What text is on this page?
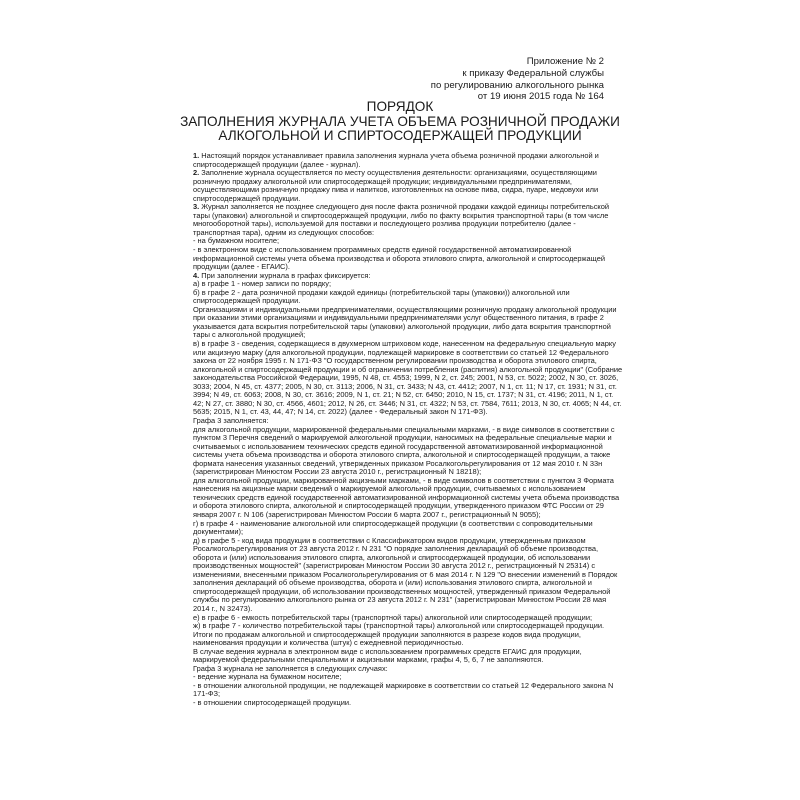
Приложение № 2
к приказу Федеральной службы
по регулированию алкогольного рынка
от 19 июня 2015 года № 164
ПОРЯДОК
ЗАПОЛНЕНИЯ ЖУРНАЛА УЧЕТА ОБЪЕМА РОЗНИЧНОЙ ПРОДАЖИ
АЛКОГОЛЬНОЙ И СПИРТОСОДЕРЖАЩЕЙ ПРОДУКЦИИ

1. Настоящий порядок устанавливает правила заполнения журнала учета объема розничной продажи алкогольной и спиртосодержащей продукции (далее - журнал).

2. Заполнение журнала осуществляется по месту осуществления деятельности: организациями, осуществляющими розничную продажу алкогольной или спиртосодержащей продукции; индивидуальными предпринимателями, осуществляющими розничную продажу пива и напитков, изготовленных на основе пива, сидра, пуаре, медовухи или спиртосодержащей продукции.

3. Журнал заполняется не позднее следующего дня после факта розничной продажи каждой единицы потребительской тары (упаковки) алкогольной и спиртосодержащей продукции, либо по факту вскрытия транспортной тары (в том числе многооборотной тары), используемой для поставки и последующего розлива продукции потребителю (далее - транспортная тара), одним из следующих способов:

- на бумажном носителе;

- в электронном виде с использованием программных средств единой государственной автоматизированной информационной системы учета объема производства и оборота этилового спирта, алкогольной и спиртосодержащей продукции (далее - ЕГАИС).

4. При заполнении журнала в графах фиксируется:

а) в графе 1 - номер записи по порядку;

б) в графе 2 - дата розничной продажи каждой единицы (потребительской тары (упаковки)) алкогольной или спиртосодержащей продукции.

Организациями и индивидуальными предпринимателями, осуществляющими розничную продажу алкогольной продукции при оказании этими организациями и индивидуальными предпринимателями услуг общественного питания, в графе 2 указывается дата вскрытия потребительской тары (упаковки) алкогольной продукции, либо дата вскрытия транспортной тары с алкогольной продукцией;

в) в графе 3 - сведения, содержащиеся в двухмерном штриховом коде, нанесенном на федеральную специальную марку или акцизную марку (для алкогольной продукции, подлежащей маркировке в соответствии со статьей 12 Федерального закона от 22 ноября 1995 г. N 171-ФЗ "О государственном регулировании производства и оборота этилового спирта, алкогольной и спиртосодержащей продукции и об ограничении потребления (распития) алкогольной продукции" (Собрание законодательства Российской Федерации, 1995, N 48, ст. 4553; 1999, N 2, ст. 245; 2001, N 53, ст. 5022; 2002, N 30, ст. 3026, 3033; 2004, N 45, ст. 4377; 2005, N 30, ст. 3113; 2006, N 31, ст. 3433; N 43, ст. 4412; 2007, N 1, ст. 11; N 17, ст. 1931; N 31, ст. 3994; N 49, ст. 6063; 2008, N 30, ст. 3616; 2009, N 1, ст. 21; N 52, ст. 6450; 2010, N 15, ст. 1737; N 31, ст. 4196; 2011, N 1, ст. 42; N 27, ст. 3880; N 30, ст. 4566, 4601; 2012, N 26, ст. 3446; N 31, ст. 4322; N 53, ст. 7584, 7611; 2013, N 30, ст. 4065; N 44, ст. 5635; 2015, N 1, ст. 43, 44, 47; N 14, ст. 2022) (далее - Федеральный закон N 171-ФЗ).

Графа 3 заполняется:

для алкогольной продукции, маркированной федеральными специальными марками, - в виде символов в соответствии с пунктом 3 Перечня сведений о маркируемой алкогольной продукции, наносимых на федеральные специальные марки и считываемых с использованием технических средств единой государственной автоматизированной информационной системы учета объема производства и оборота этилового спирта, алкогольной и спиртосодержащей продукции, а также формата нанесения указанных сведений, утвержденных приказом Росалкогольрегулирования от 12 мая 2010 г. N 33н (зарегистрирован Минюстом России 23 августа 2010 г., регистрационный N 18218);

для алкогольной продукции, маркированной акцизными марками, - в виде символов в соответствии с пунктом 3 Формата нанесения на акцизные марки сведений о маркируемой алкогольной продукции, считываемых с использованием технических средств единой государственной автоматизированной информационной системы учета объема производства и оборота этилового спирта, алкогольной и спиртосодержащей продукции, утвержденного приказом ФТС России от 29 января 2007 г. N 106 (зарегистрирован Минюстом России 6 марта 2007 г., регистрационный N 9055);

г) в графе 4 - наименование алкогольной или спиртосодержащей продукции (в соответствии с сопроводительными документами);

д) в графе 5 - код вида продукции в соответствии с Классификатором видов продукции, утвержденным приказом Росалкогольрегулирования от 23 августа 2012 г. N 231 "О порядке заполнения деклараций об объеме производства, оборота и (или) использования этилового спирта, алкогольной и спиртосодержащей продукции, об использовании производственных мощностей" (зарегистрирован Минюстом России 30 августа 2012 г., регистрационный N 25314) с изменениями, внесенными приказом Росалкогольрегулирования от 6 мая 2014 г. N 129 "О внесении изменений в Порядок заполнения деклараций об объеме производства, оборота и (или) использования этилового спирта, алкогольной и спиртосодержащей продукции, об использовании производственных мощностей, утвержденный приказом Федеральной службы по регулированию алкогольного рынка от 23 августа 2012 г. N 231" (зарегистрирован Минюстом России 28 мая 2014 г., N 32473).

е) в графе 6 - емкость потребительской тары (транспортной тары) алкогольной или спиртосодержащей продукции;

ж) в графе 7 - количество потребительской тары (транспортной тары) алкогольной или спиртосодержащей продукции.

Итоги по продажам алкогольной и спиртосодержащей продукции заполняются в разрезе кодов вида продукции, наименования продукции и количества (штук) с ежедневной периодичностью.

В случае ведения журнала в электронном виде с использованием программных средств ЕГАИС для продукции, маркируемой федеральными специальными и акцизными марками, графы 4, 5, 6, 7 не заполняются.

Графа 3 журнала не заполняется в следующих случаях:

- ведение журнала на бумажном носителе;

- в отношении алкогольной продукции, не подлежащей маркировке в соответствии со статьей 12 Федерального закона N 171-ФЗ;

- в отношении спиртосодержащей продукции.
